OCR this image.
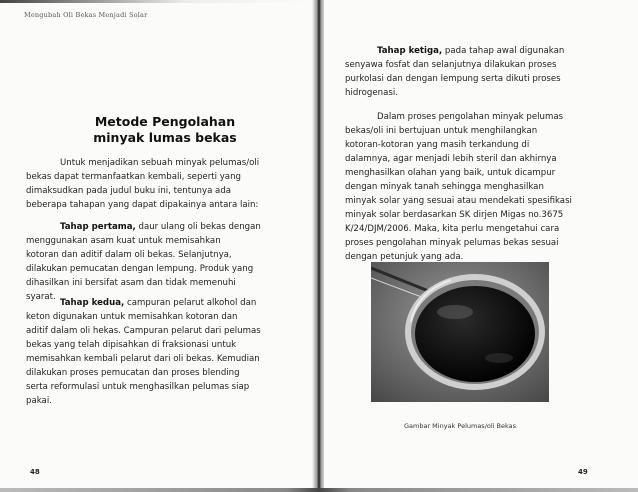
Mengubah Oli Bekas Menjadi Solar
Metode Pengolahan
minyak lumas bekas

Untuk menjadikan sebuah minyak pelumas/oli
bekas dapat termanfaatkan kembali, seperti yang
dimaksudkan pada judul buku ini, tentunya ada
beberapa tahapan yang dapat dipakainya antara lain:

Tahap pertama, daur ulang oli bekas dengan
menggunakan asam kuat untuk memisahkan
kotoran dan aditif dalam oli bekas. Selanjutnya,
dilakukan pemucatan dengan lempung. Produk yang
dihasilkan ini bersifat asam dan tidak memenuhi
syarat.

Tahap kedua, campuran pelarut alkohol dan
keton digunakan untuk memisahkan kotoran dan
aditif dalam oli hekas. Campuran pelarut dari pelumas
bekas yang telah dipisahkan di fraksionasi untuk
memisahkan kembali pelarut dari oli bekas. Kemudian
dilakukan proses pemucatan dan proses blending
serta reformulasi untuk menghasilkan pelumas siap
pakai.

48

Tahap ketiga, pada tahap awal digunakan
senyawa fosfat dan selanjutnya dilakukan proses
purkolasi dan dengan lempung serta dikuti proses
hidrogenasi.

Dalam proses pengolahan minyak pelumas
bekas/oli ini bertujuan untuk menghilangkan
kotoran-kotoran yang masih terkandung di
dalamnya, agar menjadi lebih steril dan akhirnya
menghasilkan olahan yang baik, untuk dicampur
dengan minyak tanah sehingga menghasilkan
minyak solar yang sesuai atau mendekati spesifikasi
minyak solar berdasarkan SK dirjen Migas no.3675
K/24/DJM/2006. Maka, kita perlu mengetahui cara
proses pengolahan minyak pelumas bekas sesuai
dengan petunjuk yang ada.

Gambar Minyak Pelumas/oli Bekas
49
